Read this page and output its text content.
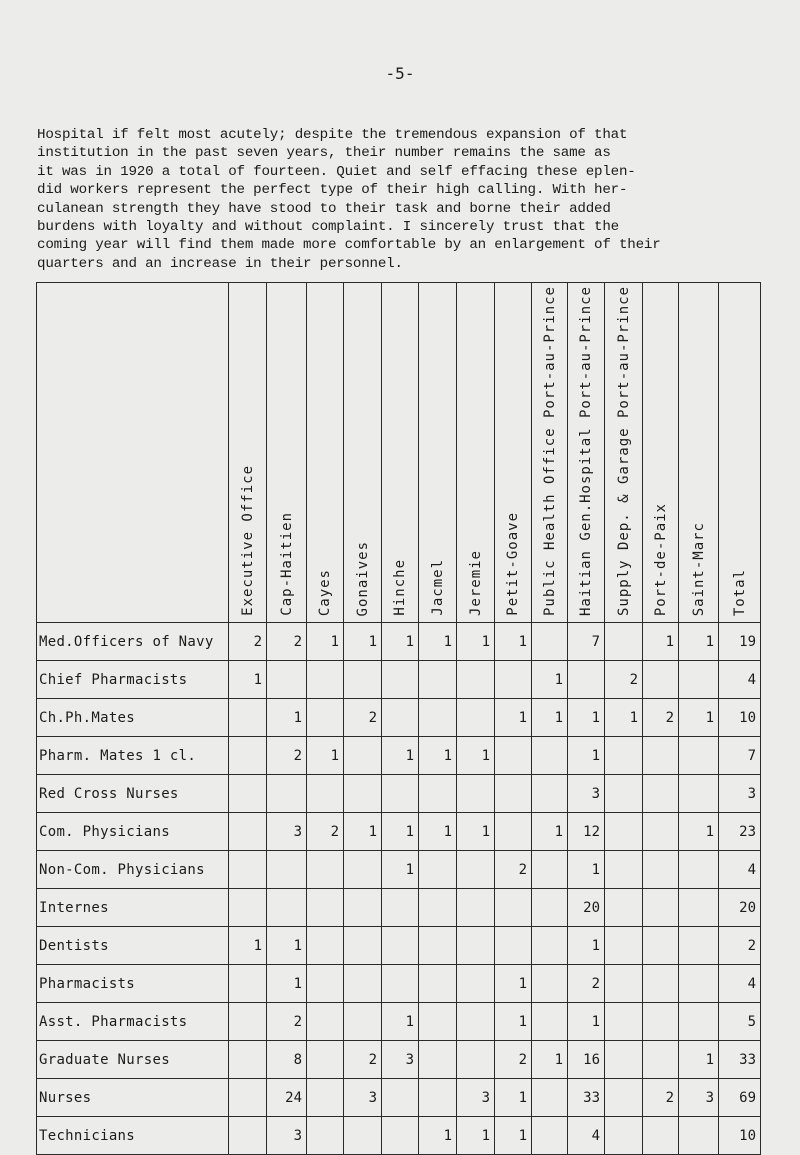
-5-
Hospital if felt most acutely; despite the tremendous expansion of that
institution in the past seven years, their number remains the same as
it was in 1920 a total of fourteen. Quiet and self effacing these eplen-
did workers represent the perfect type of their high calling. With her-
culanean strength they have stood to their task and borne their added
burdens with loyalty and without complaint. I sincerely trust that the
coming year will find them made more comfortable by an enlargement of their
quarters and an increase in their personnel.
	Executive Office	Cap-Haitien	Cayes	Gonaives	Hinche	Jacmel	Jeremie	Petit-Goave	Public Health Office Port-au-Prince	Haitian Gen.Hospital Port-au-Prince	Supply Dep. & Garage Port-au-Prince	Port-de-Paix	Saint-Marc	Total
Med.Officers of Navy	2	2	1	1	1	1	1	1		7		1	1	19
Chief Pharmacists	1								1		2			4
Ch.Ph.Mates		1		2				1	1	1	1	2	1	10
Pharm. Mates 1 cl.		2	1		1	1	1			1				7
Red Cross Nurses										3				3
Com. Physicians		3	2	1	1	1	1		1	12			1	23
Non-Com. Physicians					1			2		1				4
Internes										20				20
Dentists	1	1								1				2
Pharmacists		1						1		2				4
Asst. Pharmacists		2			1			1		1				5
Graduate Nurses		8		2	3			2	1	16			1	33
Nurses		24		3			3	1		33		2	3	69
Technicians		3				1	1	1		4				10
